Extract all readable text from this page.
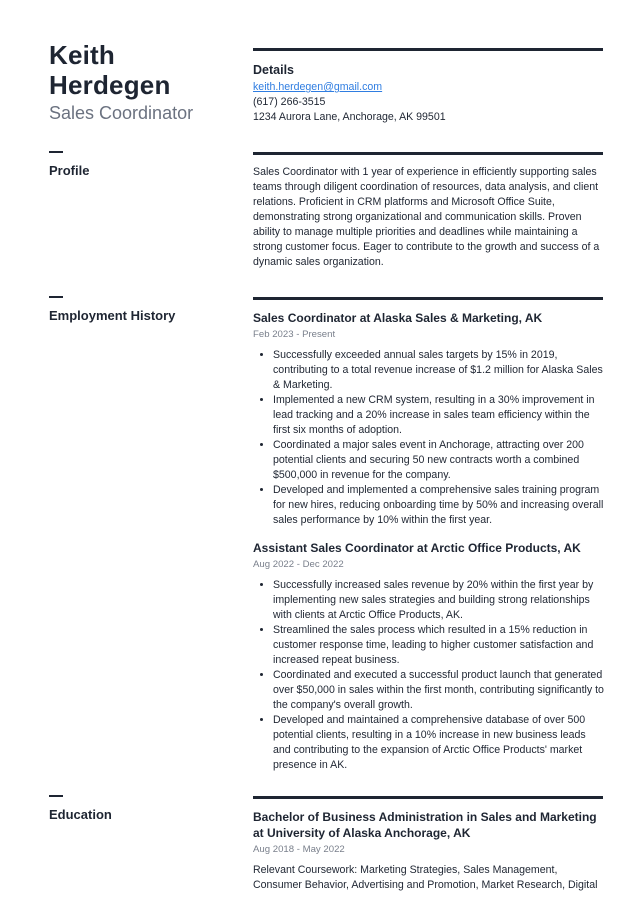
Keith Herdegen
Sales Coordinator
Details
keith.herdegen@gmail.com
(617) 266-3515
1234 Aurora Lane, Anchorage, AK 99501
Profile	Sales Coordinator with 1 year of experience in efficiently supporting sales teams through diligent coordination of resources, data analysis, and client relations. Proficient in CRM platforms and Microsoft Office Suite, demonstrating strong organizational and communication skills. Proven ability to manage multiple priorities and deadlines while maintaining a strong customer focus. Eager to contribute to the growth and success of a dynamic sales organization.

Employment History	Sales Coordinator at Alaska Sales & Marketing, AK
Feb 2023 - Present
• Successfully exceeded annual sales targets by 15% in 2019, contributing to a total revenue increase of $1.2 million for Alaska Sales & Marketing.
• Implemented a new CRM system, resulting in a 30% improvement in lead tracking and a 20% increase in sales team efficiency within the first six months of adoption.
• Coordinated a major sales event in Anchorage, attracting over 200 potential clients and securing 50 new contracts worth a combined $500,000 in revenue for the company.
• Developed and implemented a comprehensive sales training program for new hires, reducing onboarding time by 50% and increasing overall sales performance by 10% within the first year.
Assistant Sales Coordinator at Arctic Office Products, AK
Aug 2022 - Dec 2022
• Successfully increased sales revenue by 20% within the first year by implementing new sales strategies and building strong relationships with clients at Arctic Office Products, AK.
• Streamlined the sales process which resulted in a 15% reduction in customer response time, leading to higher customer satisfaction and increased repeat business.
• Coordinated and executed a successful product launch that generated over $50,000 in sales within the first month, contributing significantly to the company's overall growth.
• Developed and maintained a comprehensive database of over 500 potential clients, resulting in a 10% increase in new business leads and contributing to the expansion of Arctic Office Products' market presence in AK.
Education	Bachelor of Business Administration in Sales and Marketing at University of Alaska Anchorage, AK
Aug 2018 - May 2022

Relevant Coursework: Marketing Strategies, Sales Management, Consumer Behavior, Advertising and Promotion, Market Research, Digital
